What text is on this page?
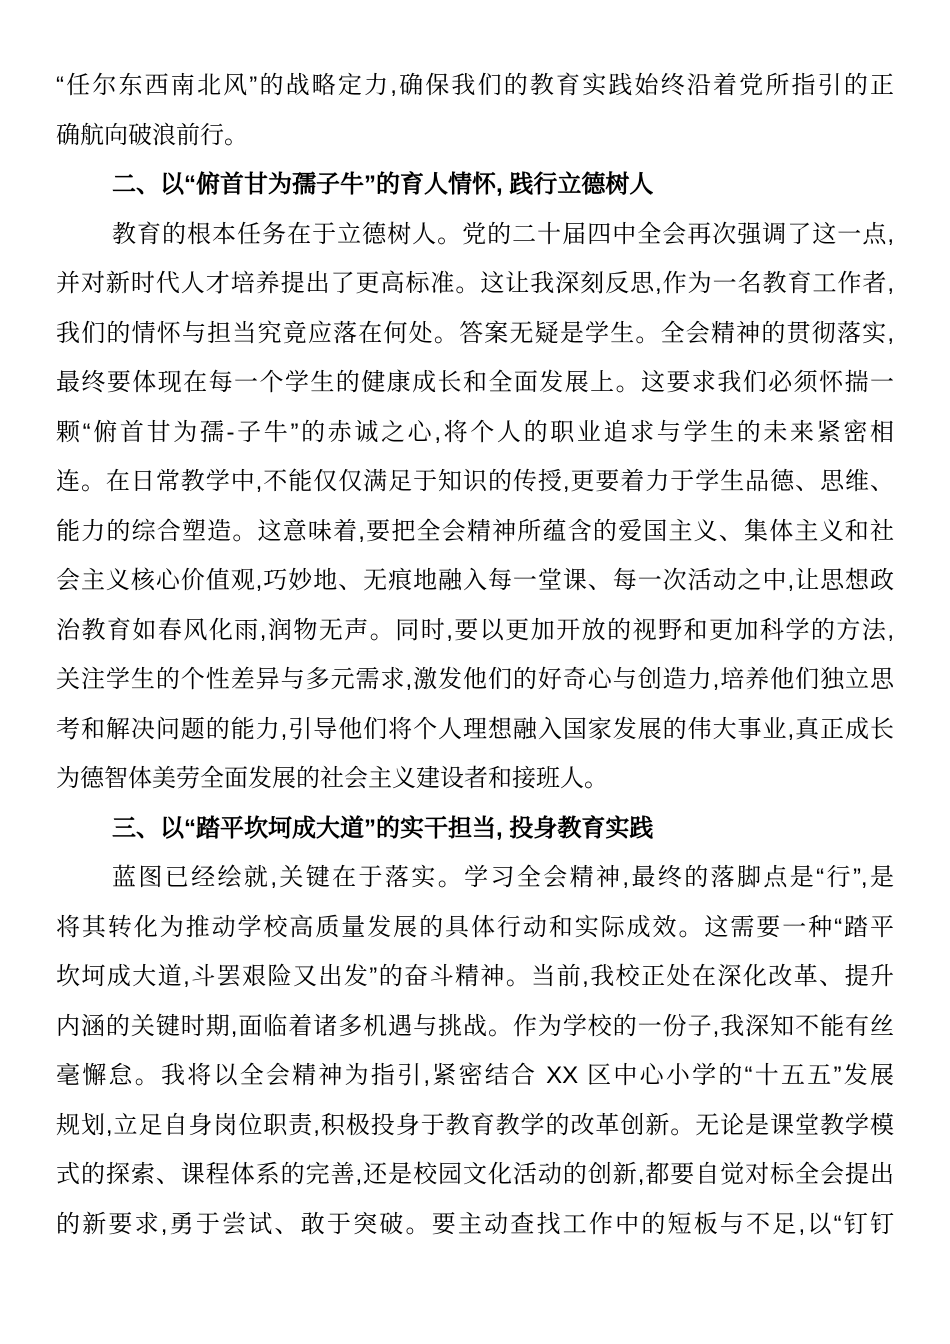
“任尔东西南北风”的战略定力,确保我们的教育实践始终沿着党所指引的正
确航向破浪前行。
二、以“俯首甘为孺子牛”的育人情怀, 践行立德树人
教育的根本任务在于立德树人。党的二十届四中全会再次强调了这一点,
并对新时代人才培养提出了更高标准。这让我深刻反思,作为一名教育工作者,
我们的情怀与担当究竟应落在何处。答案无疑是学生。全会精神的贯彻落实,
最终要体现在每一个学生的健康成长和全面发展上。这要求我们必须怀揣一
颗“俯首甘为孺-子牛”的赤诚之心,将个人的职业追求与学生的未来紧密相
连。在日常教学中,不能仅仅满足于知识的传授,更要着力于学生品德、思维、
能力的综合塑造。这意味着,要把全会精神所蕴含的爱国主义、集体主义和社
会主义核心价值观,巧妙地、无痕地融入每一堂课、每一次活动之中,让思想政
治教育如春风化雨,润物无声。同时,要以更加开放的视野和更加科学的方法,
关注学生的个性差异与多元需求,激发他们的好奇心与创造力,培养他们独立思
考和解决问题的能力,引导他们将个人理想融入国家发展的伟大事业,真正成长
为德智体美劳全面发展的社会主义建设者和接班人。
三、以“踏平坎坷成大道”的实干担当, 投身教育实践
蓝图已经绘就,关键在于落实。学习全会精神,最终的落脚点是“行”,是
将其转化为推动学校高质量发展的具体行动和实际成效。这需要一种“踏平
坎坷成大道,斗罢艰险又出发”的奋斗精神。当前,我校正处在深化改革、提升
内涵的关键时期,面临着诸多机遇与挑战。作为学校的一份子,我深知不能有丝
毫懈怠。我将以全会精神为指引,紧密结合 XX 区中心小学的“十五五”发展
规划,立足自身岗位职责,积极投身于教育教学的改革创新。无论是课堂教学模
式的探索、课程体系的完善,还是校园文化活动的创新,都要自觉对标全会提出
的新要求,勇于尝试、敢于突破。要主动查找工作中的短板与不足,以“钉钉
